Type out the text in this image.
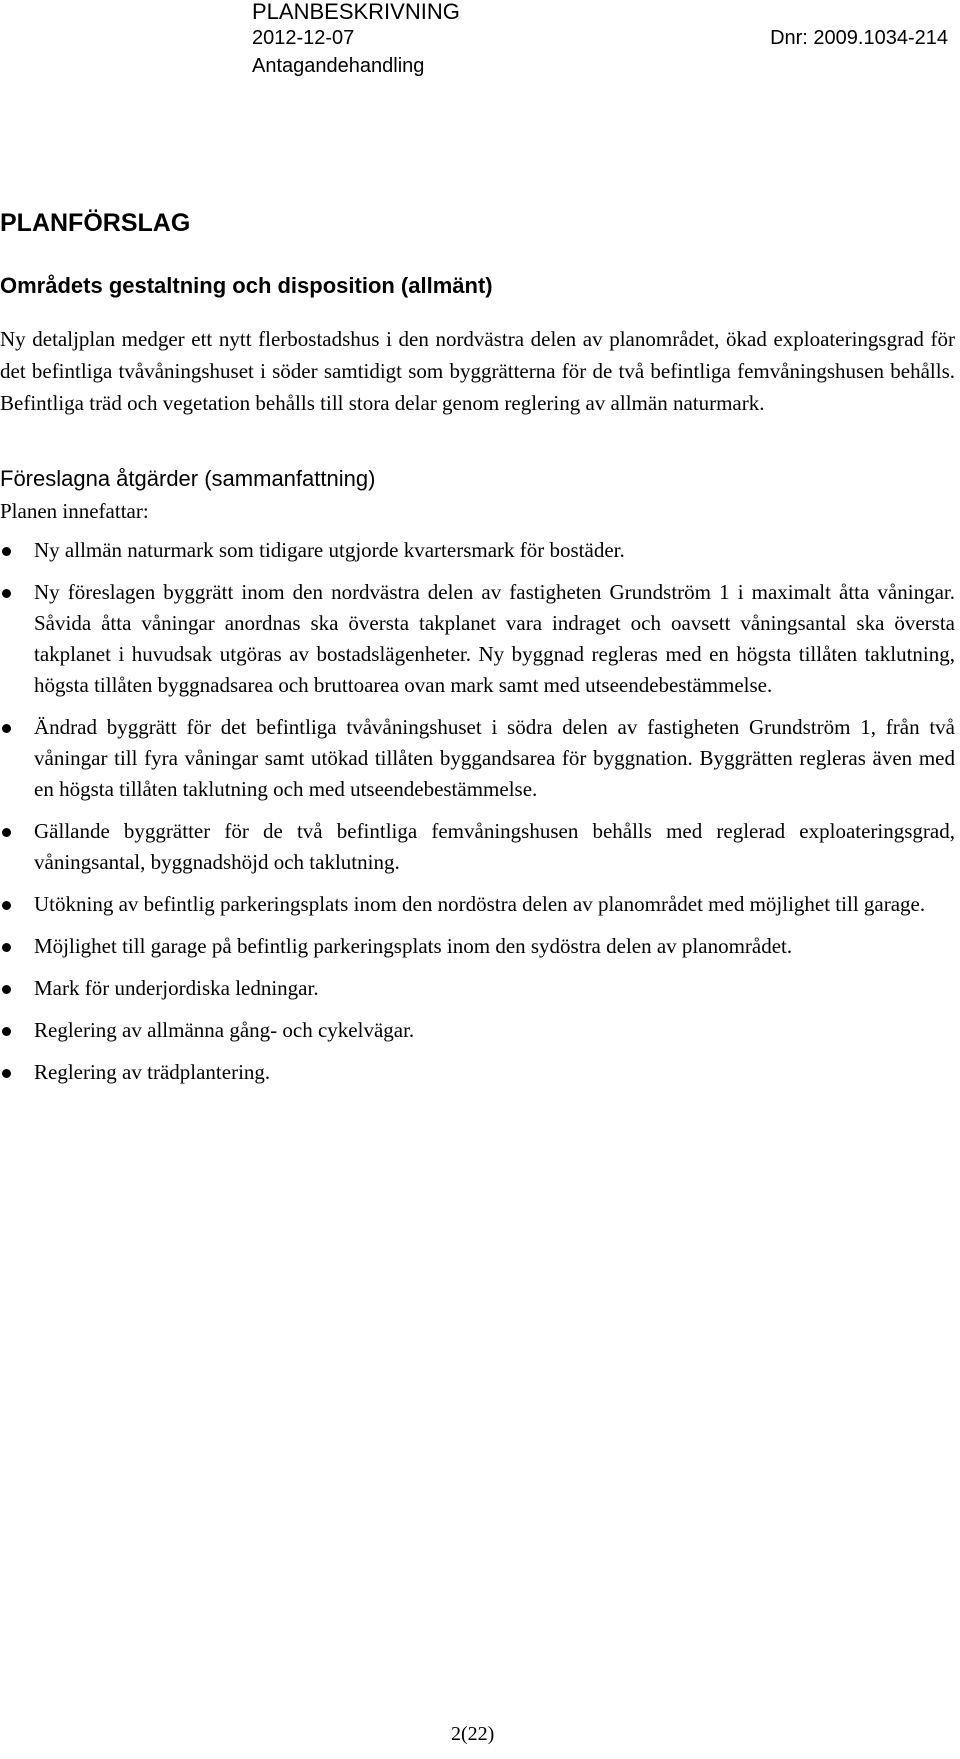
PLANBESKRIVNING
2012-12-07	Dnr: 2009.1034-214
Antagandehandling
PLANFÖRSLAG
Områdets gestaltning och disposition (allmänt)

Ny detaljplan medger ett nytt flerbostadshus i den nordvästra delen av planområdet, ökad exploateringsgrad för det befintliga tvåvåningshuset i söder samtidigt som byggrätterna för de två befintliga femvåningshusen behålls. Befintliga träd och vegetation behålls till stora delar genom reglering av allmän naturmark.

Föreslagna åtgärder (sammanfattning)
Planen innefattar:
Ny allmän naturmark som tidigare utgjorde kvartersmark för bostäder.
Ny föreslagen byggrätt inom den nordvästra delen av fastigheten Grundström 1 i maximalt åtta våningar. Såvida åtta våningar anordnas ska översta takplanet vara indraget och oavsett våningsantal ska översta takplanet i huvudsak utgöras av bostadslägenheter. Ny byggnad regleras med en högsta tillåten taklutning, högsta tillåten byggnadsarea och bruttoarea ovan mark samt med utseendebestämmelse.
Ändrad byggrätt för det befintliga tvåvåningshuset i södra delen av fastigheten Grundström 1, från två våningar till fyra våningar samt utökad tillåten byggandsarea för byggnation. Byggrätten regleras även med en högsta tillåten taklutning och med utseendebestämmelse.
Gällande byggrätter för de två befintliga femvåningshusen behålls med reglerad exploateringsgrad, våningsantal, byggnadshöjd och taklutning.
Utökning av befintlig parkeringsplats inom den nordöstra delen av planområdet med möjlighet till garage.
Möjlighet till garage på befintlig parkeringsplats inom den sydöstra delen av planområdet.
Mark för underjordiska ledningar.
Reglering av allmänna gång- och cykelvägar.
Reglering av trädplantering.
2(22)
